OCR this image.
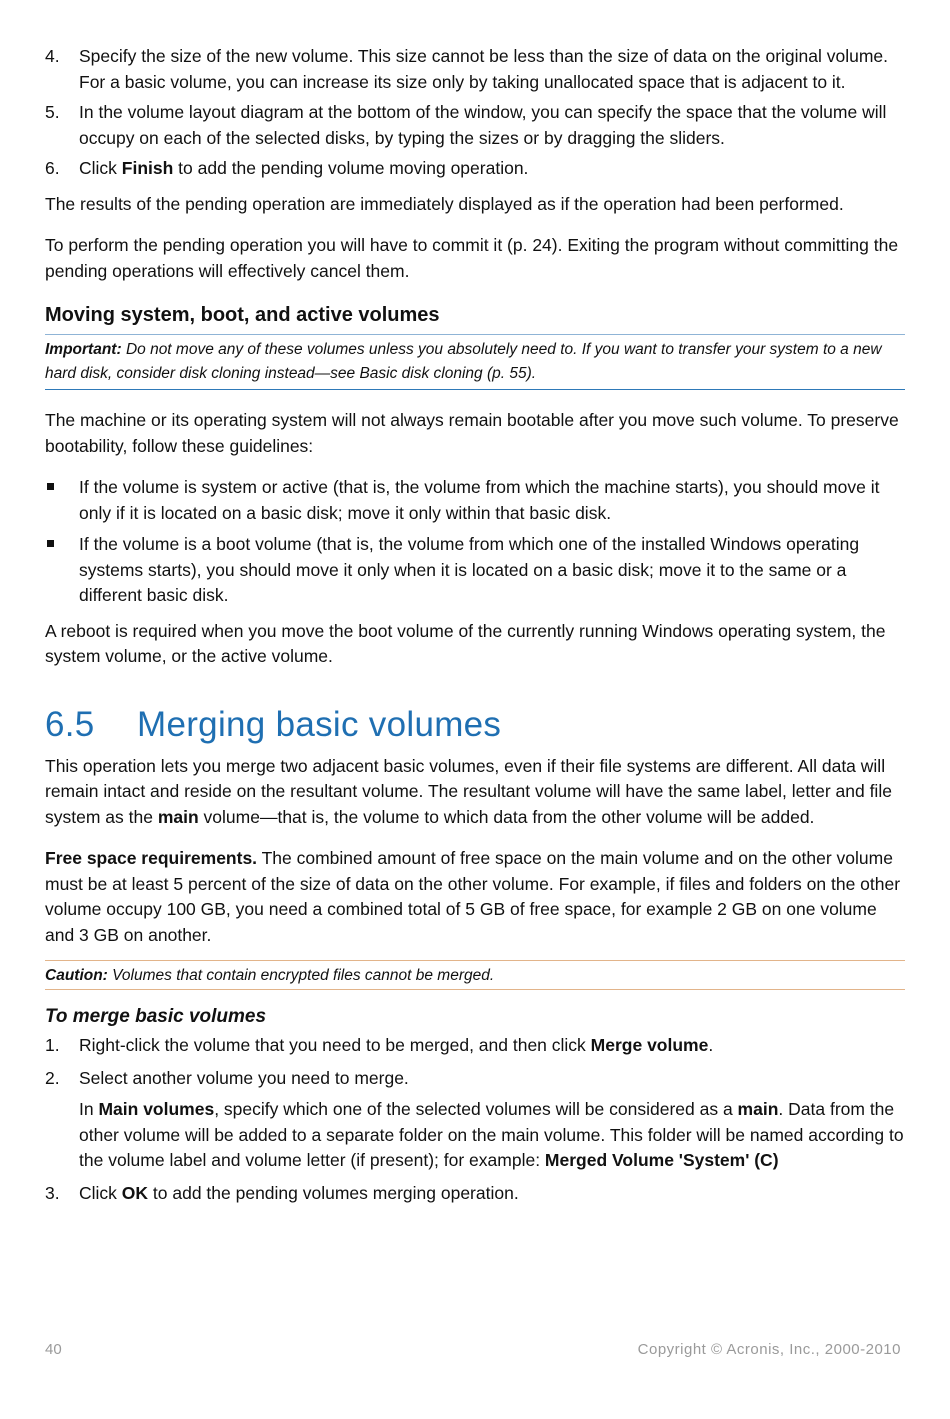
4. Specify the size of the new volume. This size cannot be less than the size of data on the original volume. For a basic volume, you can increase its size only by taking unallocated space that is adjacent to it.
5. In the volume layout diagram at the bottom of the window, you can specify the space that the volume will occupy on each of the selected disks, by typing the sizes or by dragging the sliders.
6. Click Finish to add the pending volume moving operation.

The results of the pending operation are immediately displayed as if the operation had been performed.

To perform the pending operation you will have to commit it (p. 24). Exiting the program without committing the pending operations will effectively cancel them.

Moving system, boot, and active volumes
Important: Do not move any of these volumes unless you absolutely need to. If you want to transfer your system to a new hard disk, consider disk cloning instead—see Basic disk cloning (p. 55).

The machine or its operating system will not always remain bootable after you move such volume. To preserve bootability, follow these guidelines:

If the volume is system or active (that is, the volume from which the machine starts), you should move it only if it is located on a basic disk; move it only within that basic disk.
If the volume is a boot volume (that is, the volume from which one of the installed Windows operating systems starts), you should move it only when it is located on a basic disk; move it to the same or a different basic disk.

A reboot is required when you move the boot volume of the currently running Windows operating system, the system volume, or the active volume.

6.5 Merging basic volumes

This operation lets you merge two adjacent basic volumes, even if their file systems are different. All data will remain intact and reside on the resultant volume. The resultant volume will have the same label, letter and file system as the main volume—that is, the volume to which data from the other volume will be added.

Free space requirements. The combined amount of free space on the main volume and on the other volume must be at least 5 percent of the size of data on the other volume. For example, if files and folders on the other volume occupy 100 GB, you need a combined total of 5 GB of free space, for example 2 GB on one volume and 3 GB on another.

Caution: Volumes that contain encrypted files cannot be merged.
To merge basic volumes
1. Right-click the volume that you need to be merged, and then click Merge volume.
2. Select another volume you need to merge.
In Main volumes, specify which one of the selected volumes will be considered as a main. Data from the other volume will be added to a separate folder on the main volume. This folder will be named according to the volume label and volume letter (if present); for example: Merged Volume 'System' (C)
3. Click OK to add the pending volumes merging operation.
40	Copyright © Acronis, Inc., 2000-2010
